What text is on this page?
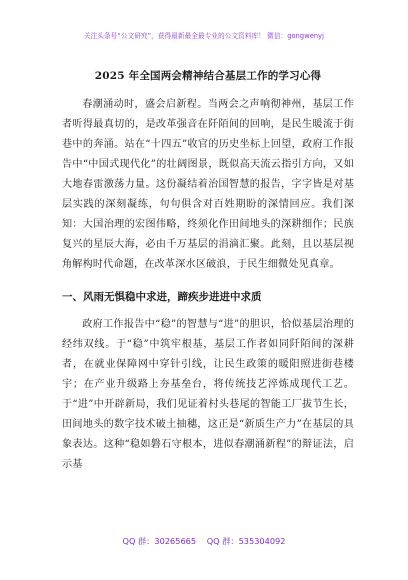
关注头条号“公文研究”，获得最新最全最专业的公文资料库！ 微信：gongwenyj
2025 年全国两会精神结合基层工作的学习心得

春潮涌动时，盛会启新程。当两会之声响彻神州，基层工作者听得最真切的，是改革强音在阡陌间的回响，是民生暖流于街巷中的奔涌。站在“十四五”收官的历史坐标上回望，政府工作报告中“中国式现代化”的壮阔图景，既似高天流云指引方向，又如大地春雷激荡力量。这份凝结着治国智慧的报告，字字皆是对基层实践的深刻凝练，句句俱含对百姓期盼的深情回应。我们深知：大国治理的宏图伟略，终须化作田间地头的深耕细作；民族复兴的星辰大海，必由千万基层的涓滴汇聚。此刻，且以基层视角解构时代命题，在改革深水区破浪，于民生细微处见真章。

一、风雨无惧稳中求进，蹄疾步进进中求质

政府工作报告中“稳”的智慧与“进”的胆识，恰似基层治理的经纬双线。于“稳”中筑牢根基，基层工作者如同阡陌间的深耕者，在就业保障网中穿针引线，让民生政策的暖阳照进街巷楼宇；在产业升级路上夯基垒台，将传统技艺淬炼成现代工艺。于“进”中开辟新局，我们见证着村头巷尾的智能工厂拔节生长，田间地头的数字技术破土抽穗，这正是“新质生产力”在基层的具象表达。这种“稳如磐石守根本，进似春潮涌新程”的辩证法，启示基

QQ 群：30265665 QQ 群：535304092
